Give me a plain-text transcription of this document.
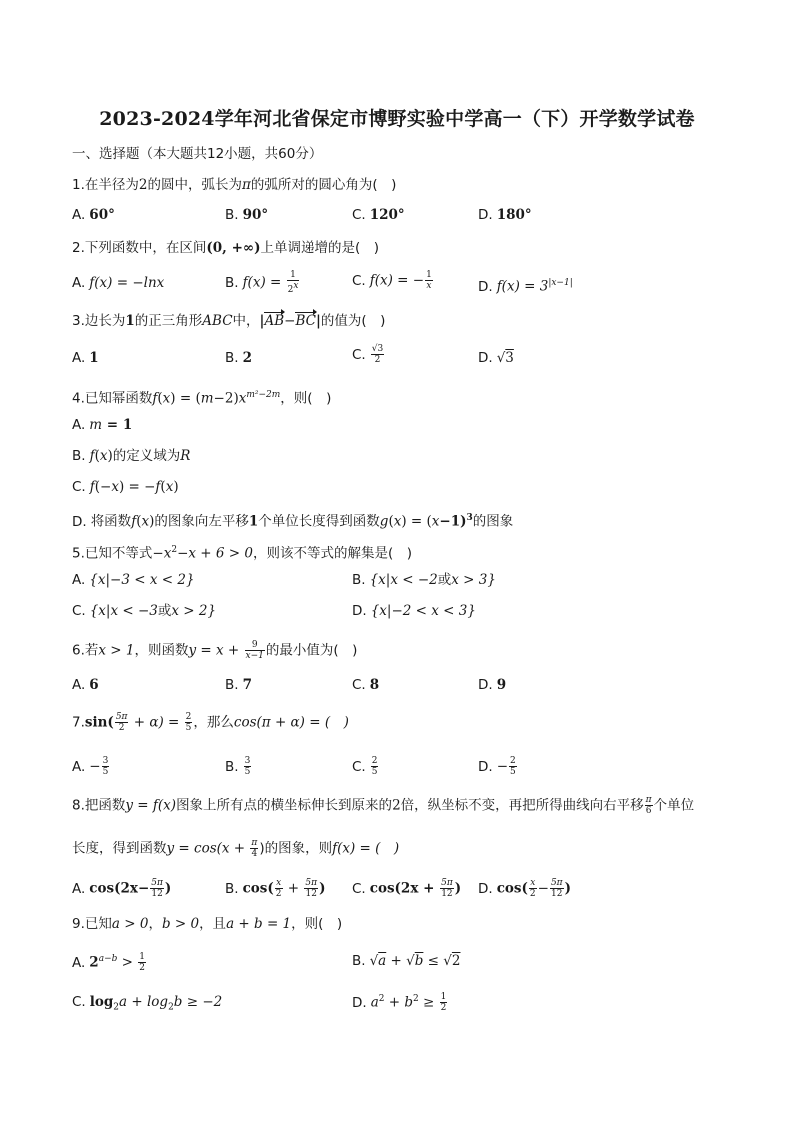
2023-2024学年河北省保定市博野实验中学高一（下）开学数学试卷
一、选择题（本大题共12小题，共60分）
1.在半径为2的圆中，弧长为π的弧所对的圆心角为(　)
A. 60°	B. 90°	C. 120°	D. 180°
2.下列函数中，在区间(0, +∞)上单调递增的是(　)
A. f(x) = −lnx	B. $f(x) = \frac{1}{2^x}$	C. f(x) = − $\frac{1}{x}$	D. $f(x) = 3^{|x-1|}$
3.边长为1的正三角形ABC中，|AB−BC|的值为(　)
A. 1	B. 2	C. $\frac{√3}{2}$	D. √3
4.已知幂函数$f(x) = (m-2)x^{m^2-2m}$，则(　)
A. m = 1
B. f(x)的定义域为R
C. f(−x) = −f(x)
D. 将函数f(x)的图象向左平移1个单位长度得到函数$g(x) = (x-1)^3$的图象
5.已知不等式$-x^2-x + 6 > 0$，则该不等式的解集是(　)
A. {x|−3 < x < 2}	B. {x|x < −2或x > 3}
C. {x|x < −3或x > 2}	D. {x|−2 < x < 3}
6.若x > 1，则函数$y = x + \frac{9}{x-1}$ 的最小值为(　)
A. 6	B. 7	C. 8	D. 9
$7.\sin( \frac{5\pi}{2} + \alpha) = \frac{2}{5}$ ，那么cos(π + α) = (　)
A. − $\frac{3}{5}$	B. $\frac{3}{5}$	C. $\frac{2}{5}$	D. − $\frac{2}{5}$
8.把函数y = f(x)图象上所有点的横坐标伸长到原来的2倍，纵坐标不变，再把所得曲线向右平移 $\frac{\pi}{6}$ 个单位
长度，得到函数$y = \cos(x + \frac{\pi}{4}$ )的图象，则f(x) = (　)
A. $\cos(2x- \frac{5\pi}{12}$ )	B. $\cos( \frac{x}{2} + \frac{5\pi}{12}$ ) C. $\cos(2x + \frac{5\pi}{12}$ ) D. $\cos( \frac{x}{2} - \frac{5\pi}{12}$ )
9.已知a > 0，b > 0，且a + b = 1，则(　)
A. $2^{a-b} > \frac{1}{2}$	B. √a + √b ≤ √2
C. $\log_2a + \log_2b \ge -2$	D. $a^2 + b^2 \ge \frac{1}{2}$
